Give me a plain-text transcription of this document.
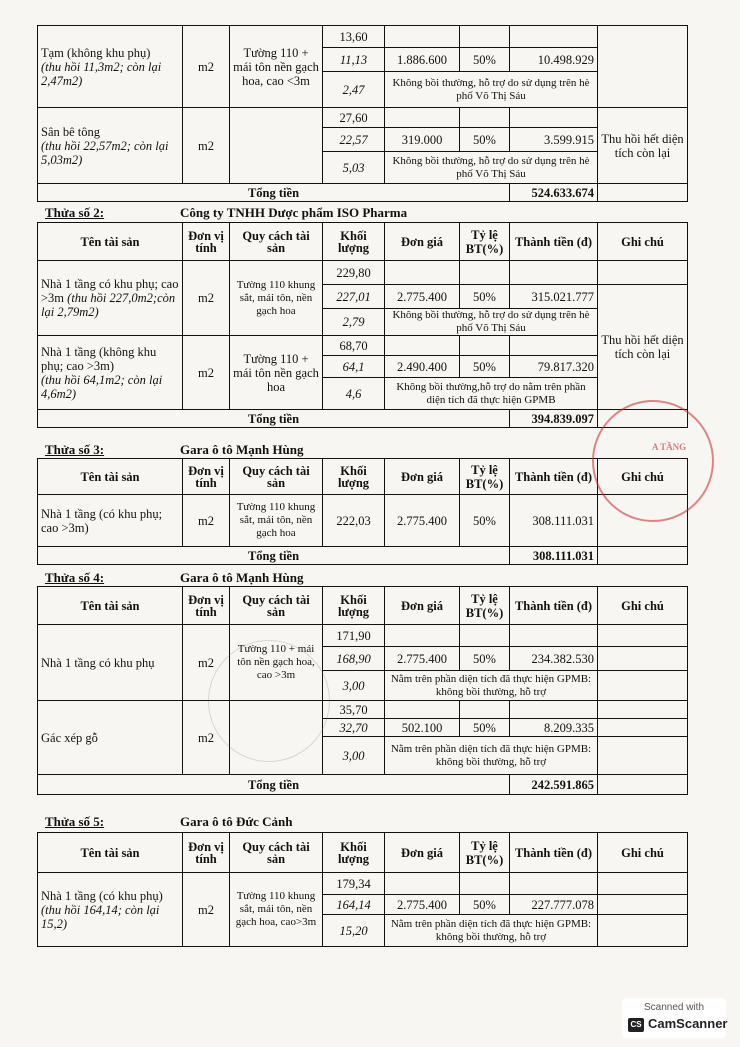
Tạm (không khu phụ)
(thu hồi 11,3m2; còn lại 2,47m2)	m2	Tường 110 + mái tôn nền gạch hoa, cao <3m	13,60				
			11,13	1.886.600	50%	10.498.929	
			2,47	Không bồi thường, hỗ trợ do sử dụng trên hè phố Võ Thị Sáu			
Sân bê tông
(thu hồi 22,57m2; còn lại 5,03m2)	m2		27,60				Thu hồi hết diện tích còn lại
			22,57	319.000	50%	3.599.915	
			5,03	Không bồi thường, hỗ trợ do sử dụng trên hè phố Võ Thị Sáu			
Tổng tiền						524.633.674	
Thửa số 2:	Công ty TNHH Dược phẩm ISO Pharma
Tên tài sản	Đơn vị tính	Quy cách tài sản	Khối lượng	Đơn giá	Tỷ lệ BT(%)	Thành tiền (đ)	Ghi chú
Nhà 1 tầng có khu phụ; cao >3m (thu hồi 227,0m2;còn lại 2,79m2)	m2	Tường 110 khung sắt, mái tôn, nền gạch hoa	229,80				
			227,01	2.775.400	50%	315.021.777	Thu hồi hết diện tích còn lại
			2,79	Không bồi thường, hỗ trợ do sử dụng trên hè phố Võ Thị Sáu			
Nhà 1 tầng (không khu phụ; cao >3m)
(thu hồi 64,1m2; còn lại 4,6m2)	m2	Tường 110 + mái tôn nền gạch hoa	68,70				
			64,1	2.490.400	50%	79.817.320	
			4,6	Không bồi thường,hỗ trợ do nằm trên phần diện tích đã thực hiện GPMB			
Tổng tiền						394.839.097	
Thửa số 3:	Gara ô tô Mạnh Hùng
Tên tài sản	Đơn vị tính	Quy cách tài sản	Khối lượng	Đơn giá	Tỷ lệ BT(%)	Thành tiền (đ)	Ghi chú
Nhà 1 tầng (có khu phụ; cao >3m)	m2	Tường 110 khung sắt, mái tôn, nền gạch hoa	222,03	2.775.400	50%	308.111.031	
Tổng tiền						308.111.031	
Thửa số 4:	Gara ô tô Mạnh Hùng
Tên tài sản	Đơn vị tính	Quy cách tài sản	Khối lượng	Đơn giá	Tỷ lệ BT(%)	Thành tiền (đ)	Ghi chú
Nhà 1 tầng có khu phụ	m2	Tường 110 + mái tôn nền gạch hoa, cao >3m	171,90				
			168,90	2.775.400	50%	234.382.530	
			3,00	Nằm trên phần diện tích đã thực hiện GPMB: không bồi thường, hỗ trợ			
Gác xép gỗ	m2		35,70				
			32,70	502.100	50%	8.209.335	
			3,00	Nằm trên phần diện tích đã thực hiện GPMB: không bồi thường, hỗ trợ			
Tổng tiền						242.591.865	
Thửa số 5:	Gara ô tô Đức Cảnh
Tên tài sản	Đơn vị tính	Quy cách tài sản	Khối lượng	Đơn giá	Tỷ lệ BT(%)	Thành tiền (đ)	Ghi chú
Nhà 1 tầng (có khu phụ)
(thu hồi 164,14; còn lại 15,2)	m2	Tường 110 khung sắt, mái tôn, nền gạch hoa, cao>3m	179,34				
			164,14	2.775.400	50%	227.777.078	
			15,20	Nằm trên phần diện tích đã thực hiện GPMB: không bồi thường, hỗ trợ			
A TẦNG
Scanned with
CS CamScanner
